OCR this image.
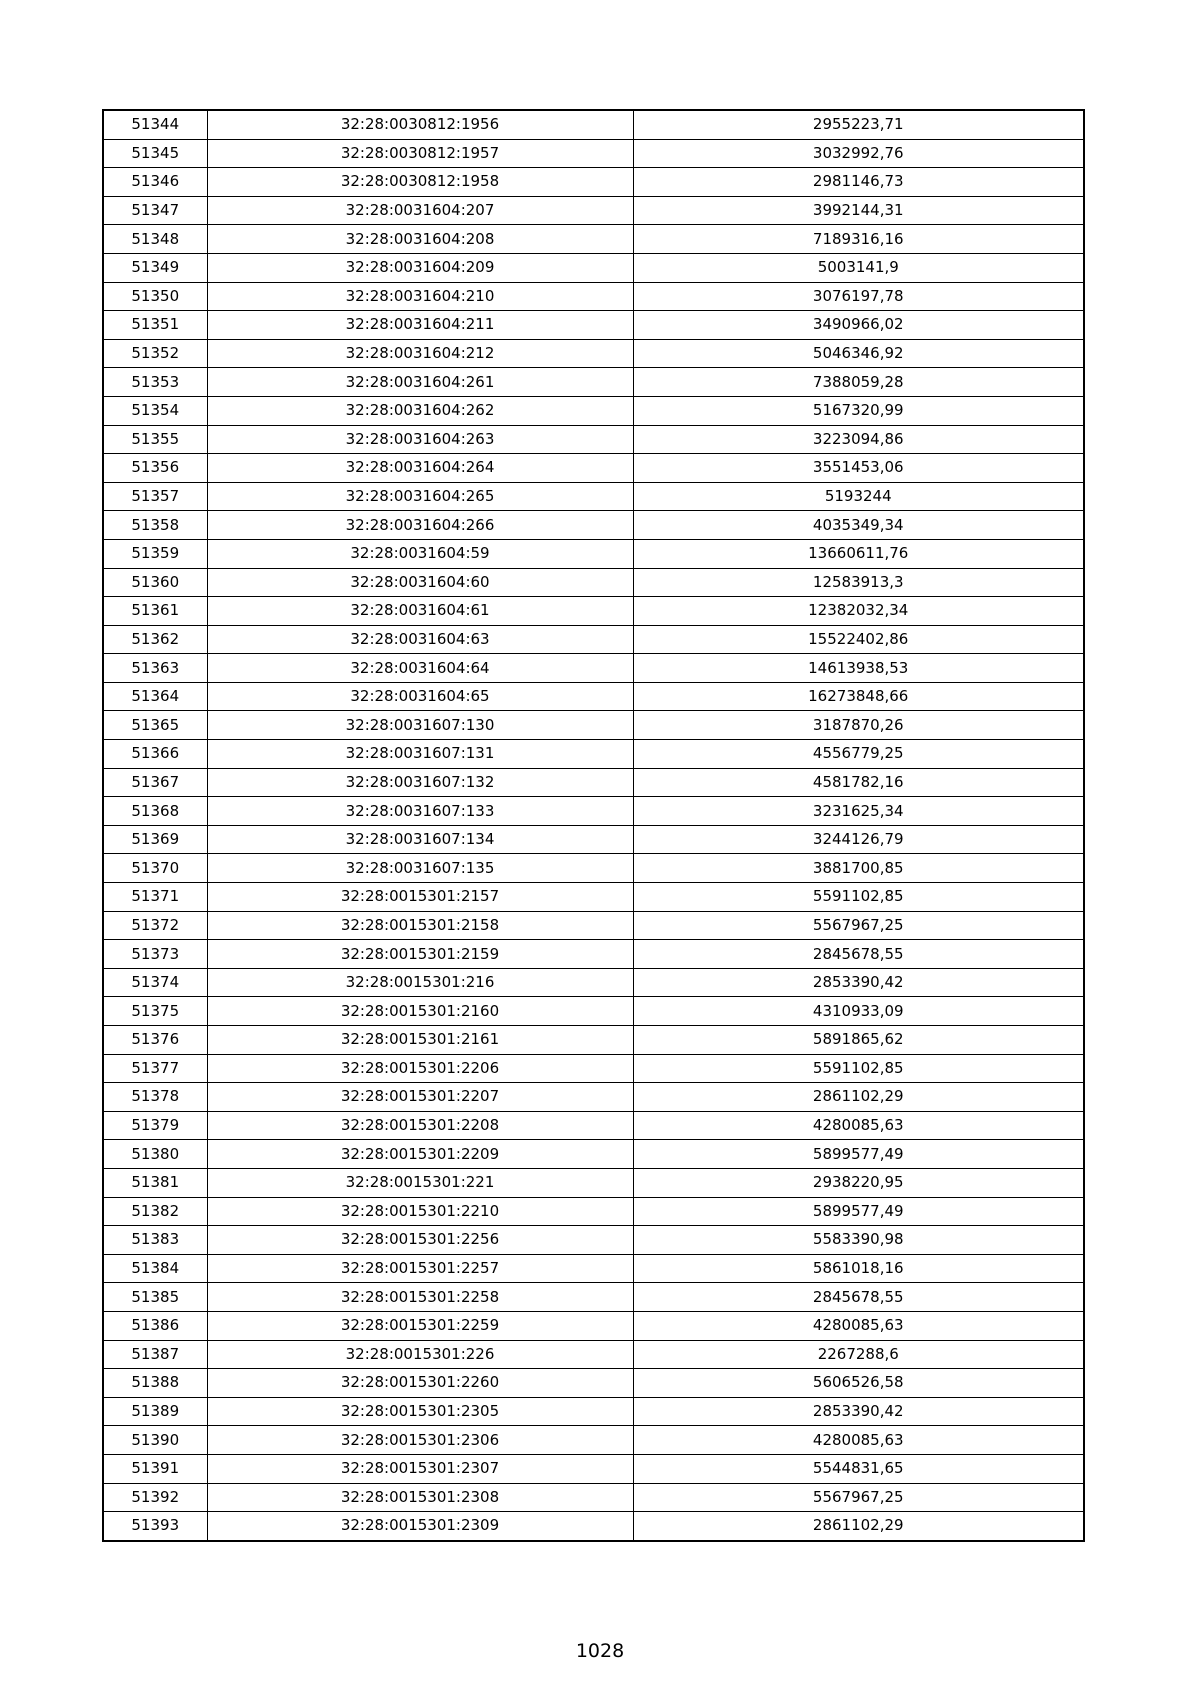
51344	32:28:0030812:1956	2955223,71
51345	32:28:0030812:1957	3032992,76
51346	32:28:0030812:1958	2981146,73
51347	32:28:0031604:207	3992144,31
51348	32:28:0031604:208	7189316,16
51349	32:28:0031604:209	5003141,9
51350	32:28:0031604:210	3076197,78
51351	32:28:0031604:211	3490966,02
51352	32:28:0031604:212	5046346,92
51353	32:28:0031604:261	7388059,28
51354	32:28:0031604:262	5167320,99
51355	32:28:0031604:263	3223094,86
51356	32:28:0031604:264	3551453,06
51357	32:28:0031604:265	5193244
51358	32:28:0031604:266	4035349,34
51359	32:28:0031604:59	13660611,76
51360	32:28:0031604:60	12583913,3
51361	32:28:0031604:61	12382032,34
51362	32:28:0031604:63	15522402,86
51363	32:28:0031604:64	14613938,53
51364	32:28:0031604:65	16273848,66
51365	32:28:0031607:130	3187870,26
51366	32:28:0031607:131	4556779,25
51367	32:28:0031607:132	4581782,16
51368	32:28:0031607:133	3231625,34
51369	32:28:0031607:134	3244126,79
51370	32:28:0031607:135	3881700,85
51371	32:28:0015301:2157	5591102,85
51372	32:28:0015301:2158	5567967,25
51373	32:28:0015301:2159	2845678,55
51374	32:28:0015301:216	2853390,42
51375	32:28:0015301:2160	4310933,09
51376	32:28:0015301:2161	5891865,62
51377	32:28:0015301:2206	5591102,85
51378	32:28:0015301:2207	2861102,29
51379	32:28:0015301:2208	4280085,63
51380	32:28:0015301:2209	5899577,49
51381	32:28:0015301:221	2938220,95
51382	32:28:0015301:2210	5899577,49
51383	32:28:0015301:2256	5583390,98
51384	32:28:0015301:2257	5861018,16
51385	32:28:0015301:2258	2845678,55
51386	32:28:0015301:2259	4280085,63
51387	32:28:0015301:226	2267288,6
51388	32:28:0015301:2260	5606526,58
51389	32:28:0015301:2305	2853390,42
51390	32:28:0015301:2306	4280085,63
51391	32:28:0015301:2307	5544831,65
51392	32:28:0015301:2308	5567967,25
51393	32:28:0015301:2309	2861102,29
1028
